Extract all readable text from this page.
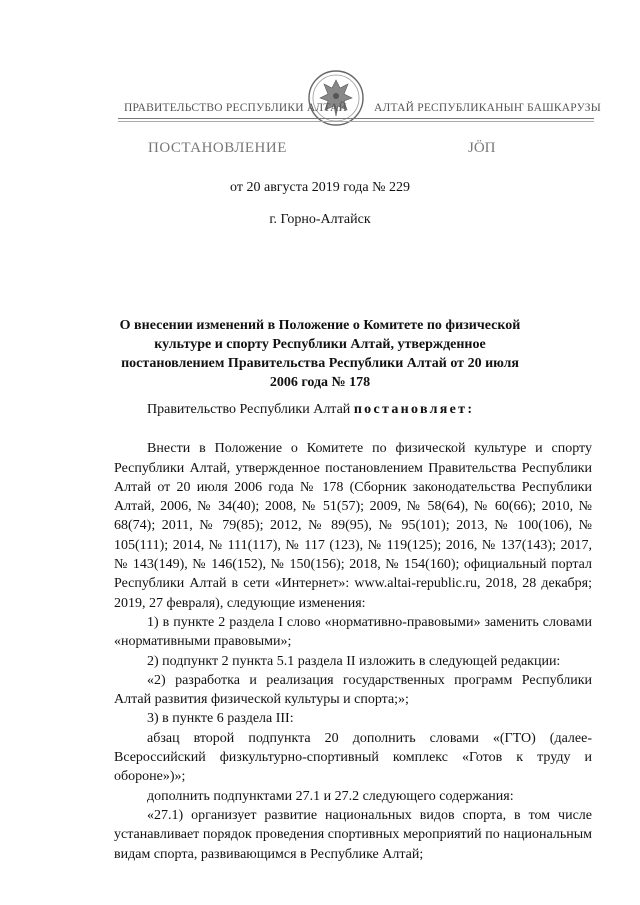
ПРАВИТЕЛЬСТВО РЕСПУБЛИКИ АЛТАЙ АЛТАЙ РЕСПУБЛИКАНЫҤ БАШКАРУЗЫ
ПОСТАНОВЛЕНИЕ	ЈÖП
от 20 августа 2019 года № 229
г. Горно-Алтайск
О внесении изменений в Положение о Комитете по физической культуре и спорту Республики Алтай, утвержденное постановлением Правительства Республики Алтай от 20 июля 2006 года № 178

Правительство Республики Алтай постановляет:

Внести в Положение о Комитете по физической культуре и спорту Республики Алтай, утвержденное постановлением Правительства Республики Алтай от 20 июля 2006 года № 178 (Сборник законодательства Республики Алтай, 2006, № 34(40); 2008, № 51(57); 2009, № 58(64), № 60(66); 2010, № 68(74); 2011, № 79(85); 2012, № 89(95), № 95(101); 2013, № 100(106), № 105(111); 2014, № 111(117), № 117 (123), № 119(125); 2016, № 137(143); 2017, № 143(149), № 146(152), № 150(156); 2018, № 154(160); официальный портал Республики Алтай в сети «Интернет»: www.altai-republic.ru, 2018, 28 декабря; 2019, 27 февраля), следующие изменения:

1) в пункте 2 раздела I слово «нормативно-правовыми» заменить словами «нормативными правовыми»;

2) подпункт 2 пункта 5.1 раздела II изложить в следующей редакции:

«2) разработка и реализация государственных программ Республики Алтай развития физической культуры и спорта;»;

3) в пункте 6 раздела III:

абзац второй подпункта 20 дополнить словами «(ГТО) (далее- Всероссийский физкультурно-спортивный комплекс «Готов к труду и обороне»)»;

дополнить подпунктами 27.1 и 27.2 следующего содержания:

«27.1) организует развитие национальных видов спорта, в том числе устанавливает порядок проведения спортивных мероприятий по национальным видам спорта, развивающимся в Республике Алтай;
